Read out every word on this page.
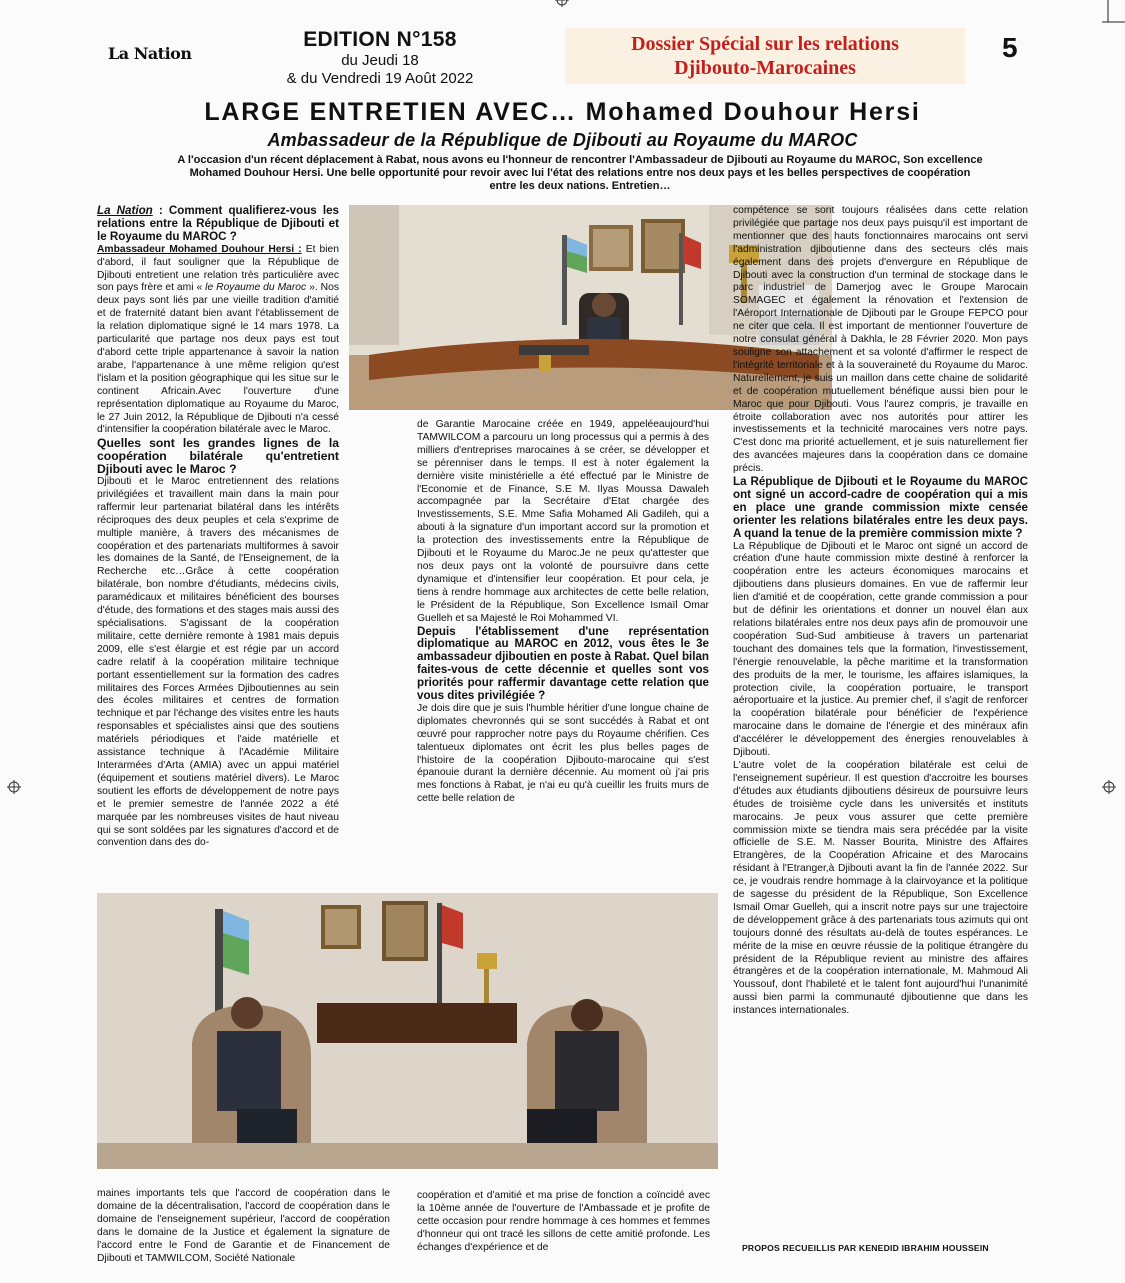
La Nation
EDITION N°158
du Jeudi 18
& du Vendredi 19 Août 2022
Dossier Spécial sur les relations
Djibouto-Marocaines
5
LARGE ENTRETIEN AVEC… Mohamed Douhour Hersi
Ambassadeur de la République de Djibouti au Royaume du MAROC
A l'occasion d'un récent déplacement à Rabat, nous avons eu l'honneur de rencontrer l'Ambassadeur de Djibouti au Royaume du MAROC, Son excellence Mohamed Douhour Hersi. Une belle opportunité pour revoir avec lui l'état des relations entre nos deux pays et les belles perspectives de coopération entre les deux nations. Entretien…

La Nation : Comment qualifierez-vous les relations entre la République de Djibouti et le Royaume du MAROC ?

Ambassadeur Mohamed Douhour Hersi : Et bien d'abord, il faut souligner que la République de Djibouti entretient une relation très particulière avec son pays frère et ami « le Royaume du Maroc ». Nos deux pays sont liés par une vieille tradition d'amitié et de fraternité datant bien avant l'établissement de la relation diplomatique signé le 14 mars 1978. La particularité que partage nos deux pays est tout d'abord cette triple appartenance à savoir la nation arabe, l'appartenance à une même religion qu'est l'islam et la position géographique qui les situe sur le continent Africain.Avec l'ouverture d'une représentation diplomatique au Royaume du Maroc, le 27 Juin 2012, la République de Djibouti n'a cessé d'intensifier la coopération bilatérale avec le Maroc.

Quelles sont les grandes lignes de la coopération bilatérale qu'entretient Djibouti avec le Maroc ?

Djibouti et le Maroc entretiennent des relations privilégiées et travaillent main dans la main pour raffermir leur partenariat bilatéral dans les intérêts réciproques des deux peuples et cela s'exprime de multiple manière, à travers des mécanismes de coopération et des partenariats multiformes à savoir les domaines de la Santé, de l'Enseignement, de la Recherche etc…Grâce à cette coopération bilatérale, bon nombre d'étudiants, médecins civils, paramédicaux et militaires bénéficient des bourses d'étude, des formations et des stages mais aussi des spécialisations. S'agissant de la coopération militaire, cette dernière remonte à 1981 mais depuis 2009, elle s'est élargie et est régie par un accord cadre relatif à la coopération militaire technique portant essentiellement sur la formation des cadres militaires des Forces Armées Djiboutiennes au sein des écoles militaires et centres de formation technique et par l'échange des visites entre les hauts responsables et spécialistes ainsi que des soutiens matériels périodiques et l'aide matérielle et assistance technique à l'Académie Militaire Interarmées d'Arta (AMIA) avec un appui matériel (équipement et soutiens matériel divers). Le Maroc soutient les efforts de développement de notre pays et le premier semestre de l'année 2022 a été marquée par les nombreuses visites de haut niveau qui se sont soldées par les signatures d'accord et de convention dans des do-

de Garantie Marocaine créée en 1949, appeléeaujourd'hui TAMWILCOM a parcouru un long processus qui a permis à des milliers d'entreprises marocaines à se créer, se développer et se pérenniser dans le temps. Il est à noter également la dernière visite ministérielle a été effectué par le Ministre de l'Economie et de Finance, S.E M. Ilyas Moussa Dawaleh accompagnée par la Secrétaire d'Etat chargée des Investissements, S.E. Mme Safia Mohamed Ali Gadileh, qui a abouti à la signature d'un important accord sur la promotion et la protection des investissements entre la République de Djibouti et le Royaume du Maroc.Je ne peux qu'attester que nos deux pays ont la volonté de poursuivre dans cette dynamique et d'intensifier leur coopération. Et pour cela, je tiens à rendre hommage aux architectes de cette belle relation, le Président de la République, Son Excellence Ismaïl Omar Guelleh et sa Majesté le Roi Mohammed VI.

Depuis l'établissement d'une représentation diplomatique au MAROC en 2012, vous êtes le 3e ambassadeur djiboutien en poste à Rabat. Quel bilan faites-vous de cette décennie et quelles sont vos priorités pour raffermir davantage cette relation que vous dites privilégiée ?

Je dois dire que je suis l'humble héritier d'une longue chaine de diplomates chevronnés qui se sont succédés à Rabat et ont œuvré pour rapprocher notre pays du Royaume chérifien. Ces talentueux diplomates ont écrit les plus belles pages de l'histoire de la coopération Djibouto-marocaine qui s'est épanouie durant la dernière décennie. Au moment où j'ai pris mes fonctions à Rabat, je n'ai eu qu'à cueillir les fruits murs de cette belle relation de

compétence se sont toujours réalisées dans cette relation privilégiée que partage nos deux pays puisqu'il est important de mentionner que des hauts fonctionnaires marocains ont servi l'administration djiboutienne dans des secteurs clés mais également dans des projets d'envergure en République de Djibouti avec la construction d'un terminal de stockage dans le parc industriel de Damerjog avec le Groupe Marocain SOMAGEC et également la rénovation et l'extension de l'Aéroport Internationale de Djibouti par le Groupe FEPCO pour ne citer que cela. Il est important de mentionner l'ouverture de notre consulat général à Dakhla, le 28 Février 2020. Mon pays souligne son attachement et sa volonté d'affirmer le respect de l'intégrité territoriale et à la souveraineté du Royaume du Maroc. Naturellement, je suis un maillon dans cette chaine de solidarité et de coopération mutuellement bénéfique aussi bien pour le Maroc que pour Djibouti. Vous l'aurez compris, je travaille en étroite collaboration avec nos autorités pour attirer les investissements et la technicité marocaines vers notre pays. C'est donc ma priorité actuellement, et je suis naturellement fier des avancées majeures dans la coopération dans ce domaine précis.

La République de Djibouti et le Royaume du MAROC ont signé un accord-cadre de coopération qui a mis en place une grande commission mixte censée orienter les relations bilatérales entre les deux pays. A quand la tenue de la première commission mixte ?

La République de Djibouti et le Maroc ont signé un accord de création d'une haute commission mixte destiné à renforcer la coopération entre les acteurs économiques marocains et djiboutiens dans plusieurs domaines. En vue de raffermir leur lien d'amitié et de coopération, cette grande commission a pour but de définir les orientations et donner un nouvel élan aux relations bilatérales entre nos deux pays afin de promouvoir une coopération Sud-Sud ambitieuse à travers un partenariat touchant des domaines tels que la formation, l'investissement, l'énergie renouvelable, la pêche maritime et la transformation des produits de la mer, le tourisme, les affaires islamiques, la protection civile, la coopération portuaire, le transport aéroportuaire et la justice. Au premier chef, il s'agit de renforcer la coopération bilatérale pour bénéficier de l'expérience marocaine dans le domaine de l'énergie et des minéraux afin d'accélérer le développement des énergies renouvelables à Djibouti.

L'autre volet de la coopération bilatérale est celui de l'enseignement supérieur. Il est question d'accroitre les bourses d'études aux étudiants djiboutiens désireux de poursuivre leurs études de troisième cycle dans les universités et instituts marocains. Je peux vous assurer que cette première commission mixte se tiendra mais sera précédée par la visite officielle de S.E. M. Nasser Bourita, Ministre des Affaires Etrangères, de la Coopération Africaine et des Marocains résidant à l'Etranger,à Djibouti avant la fin de l'année 2022. Sur ce, je voudrais rendre hommage à la clairvoyance et la politique de sagesse du président de la République, Son Excellence Ismail Omar Guelleh, qui a inscrit notre pays sur une trajectoire de développement grâce à des partenariats tous azimuts qui ont toujours donné des résultats au-delà de toutes espérances. Le mérite de la mise en œuvre réussie de la politique étrangère du président de la République revient au ministre des affaires étrangères et de la coopération internationale, M. Mahmoud Ali Youssouf, dont l'habileté et le talent font aujourd'hui l'unanimité aussi bien parmi la communauté djiboutienne que dans les instances internationales.

maines importants tels que l'accord de coopération dans le domaine de la décentralisation, l'accord de coopération dans le domaine de l'enseignement supérieur, l'accord de coopération dans le domaine de la Justice et également la signature de l'accord entre le Fond de Garantie et de Financement de Djibouti et TAMWILCOM, Société Nationale
coopération et d'amitié et ma prise de fonction a coïncidé avec la 10ème année de l'ouverture de l'Ambassade et je profite de cette occasion pour rendre hommage à ces hommes et femmes d'honneur qui ont tracé les sillons de cette amitié profonde. Les échanges d'expérience et de	PROPOS RECUEILLIS PAR KENEDID IBRAHIM HOUSSEIN
